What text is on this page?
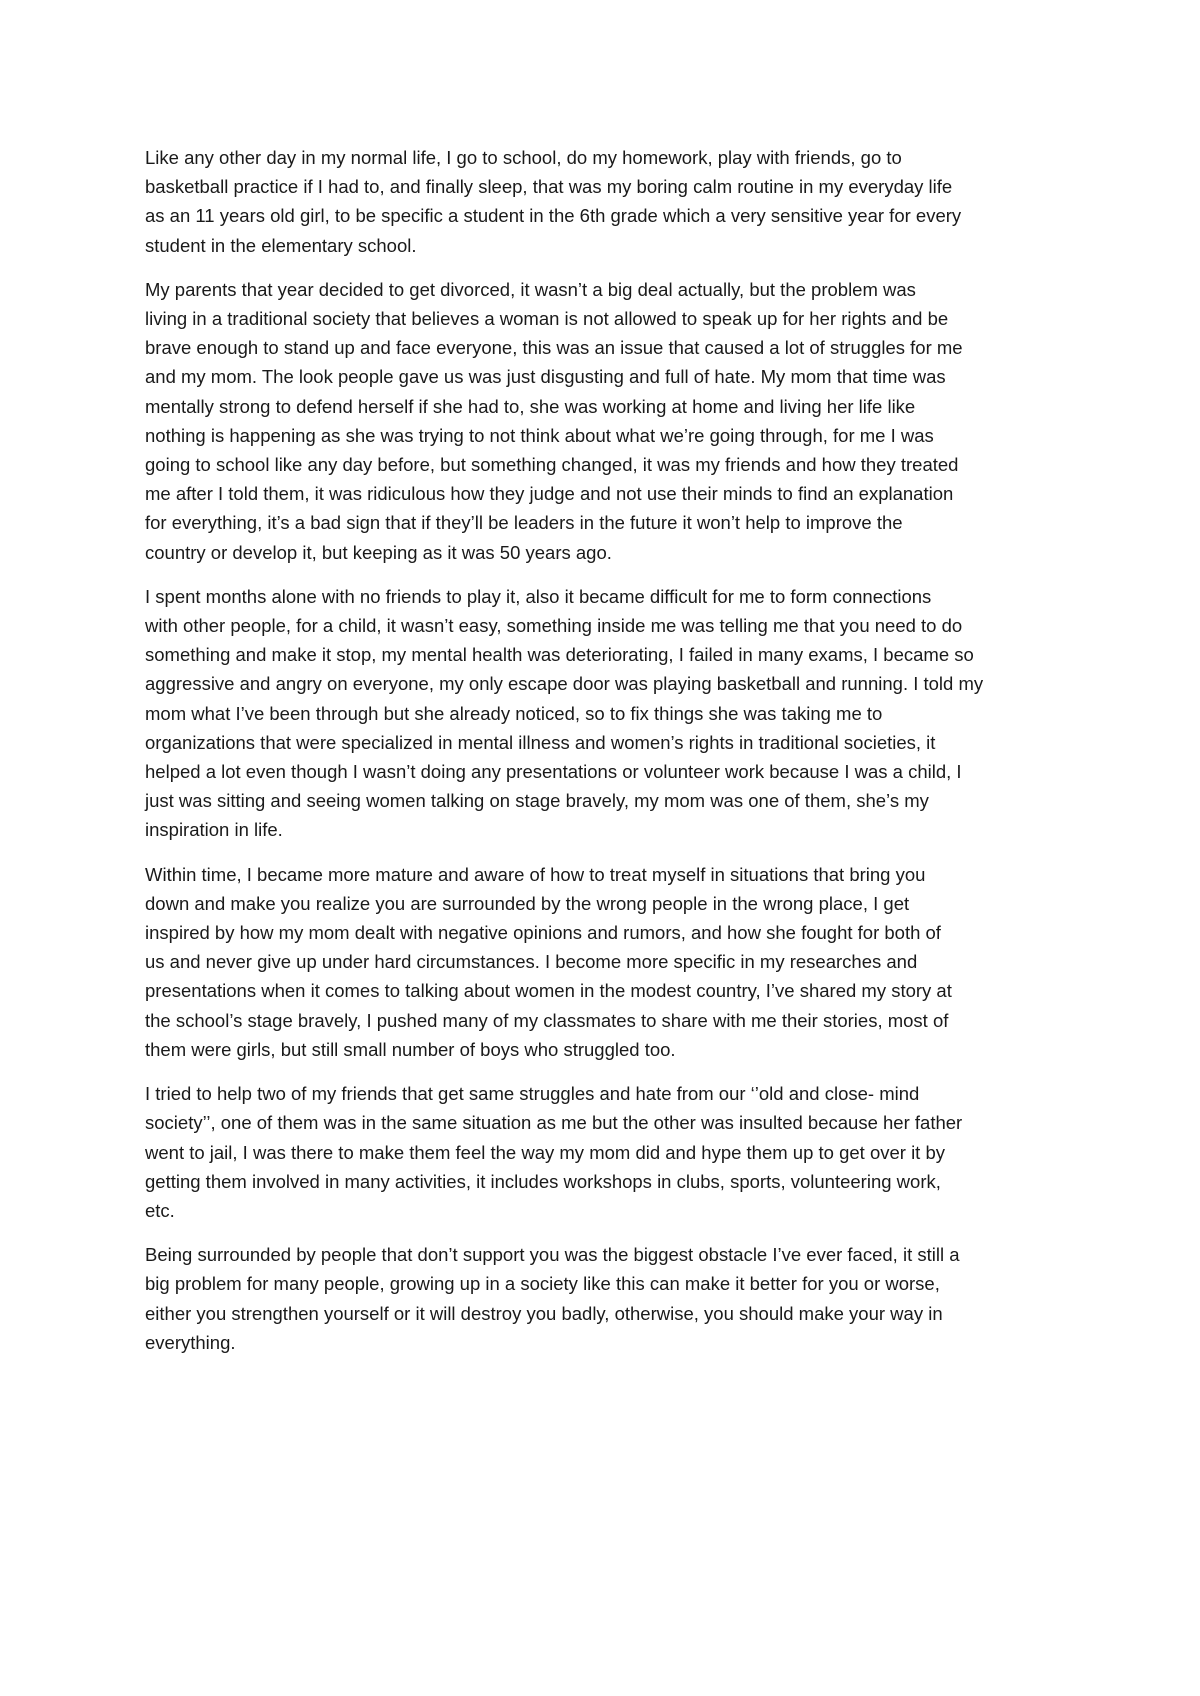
Like any other day in my normal life, I go to school, do my homework, play with friends, go to
basketball practice if I had to, and finally sleep, that was my boring calm routine in my everyday life
as an 11 years old girl, to be specific a student in the 6th grade which a very sensitive year for every
student in the elementary school.

My parents that year decided to get divorced, it wasn’t a big deal actually, but the problem was
living in a traditional society that believes a woman is not allowed to speak up for her rights and be
brave enough to stand up and face everyone, this was an issue that caused a lot of struggles for me
and my mom. The look people gave us was just disgusting and full of hate. My mom that time was
mentally strong to defend herself if she had to, she was working at home and living her life like
nothing is happening as she was trying to not think about what we’re going through, for me I was
going to school like any day before, but something changed, it was my friends and how they treated
me after I told them, it was ridiculous how they judge and not use their minds to find an explanation
for everything, it’s a bad sign that if they’ll be leaders in the future it won’t help to improve the
country or develop it, but keeping as it was 50 years ago.

I spent months alone with no friends to play it, also it became difficult for me to form connections
with other people, for a child, it wasn’t easy, something inside me was telling me that you need to do
something and make it stop, my mental health was deteriorating, I failed in many exams, I became so
aggressive and angry on everyone, my only escape door was playing basketball and running. I told my
mom what I’ve been through but she already noticed, so to fix things she was taking me to
organizations that were specialized in mental illness and women’s rights in traditional societies, it
helped a lot even though I wasn’t doing any presentations or volunteer work because I was a child, I
just was sitting and seeing women talking on stage bravely, my mom was one of them, she’s my
inspiration in life.

Within time, I became more mature and aware of how to treat myself in situations that bring you
down and make you realize you are surrounded by the wrong people in the wrong place, I get
inspired by how my mom dealt with negative opinions and rumors, and how she fought for both of
us and never give up under hard circumstances. I become more specific in my researches and
presentations when it comes to talking about women in the modest country, I’ve shared my story at
the school’s stage bravely, I pushed many of my classmates to share with me their stories, most of
them were girls, but still small number of boys who struggled too.

I tried to help two of my friends that get same struggles and hate from our ‘’old and close- mind
society’’, one of them was in the same situation as me but the other was insulted because her father
went to jail, I was there to make them feel the way my mom did and hype them up to get over it by
getting them involved in many activities, it includes workshops in clubs, sports, volunteering work,
etc.

Being surrounded by people that don’t support you was the biggest obstacle I’ve ever faced, it still a
big problem for many people, growing up in a society like this can make it better for you or worse,
either you strengthen yourself or it will destroy you badly, otherwise, you should make your way in
everything.
